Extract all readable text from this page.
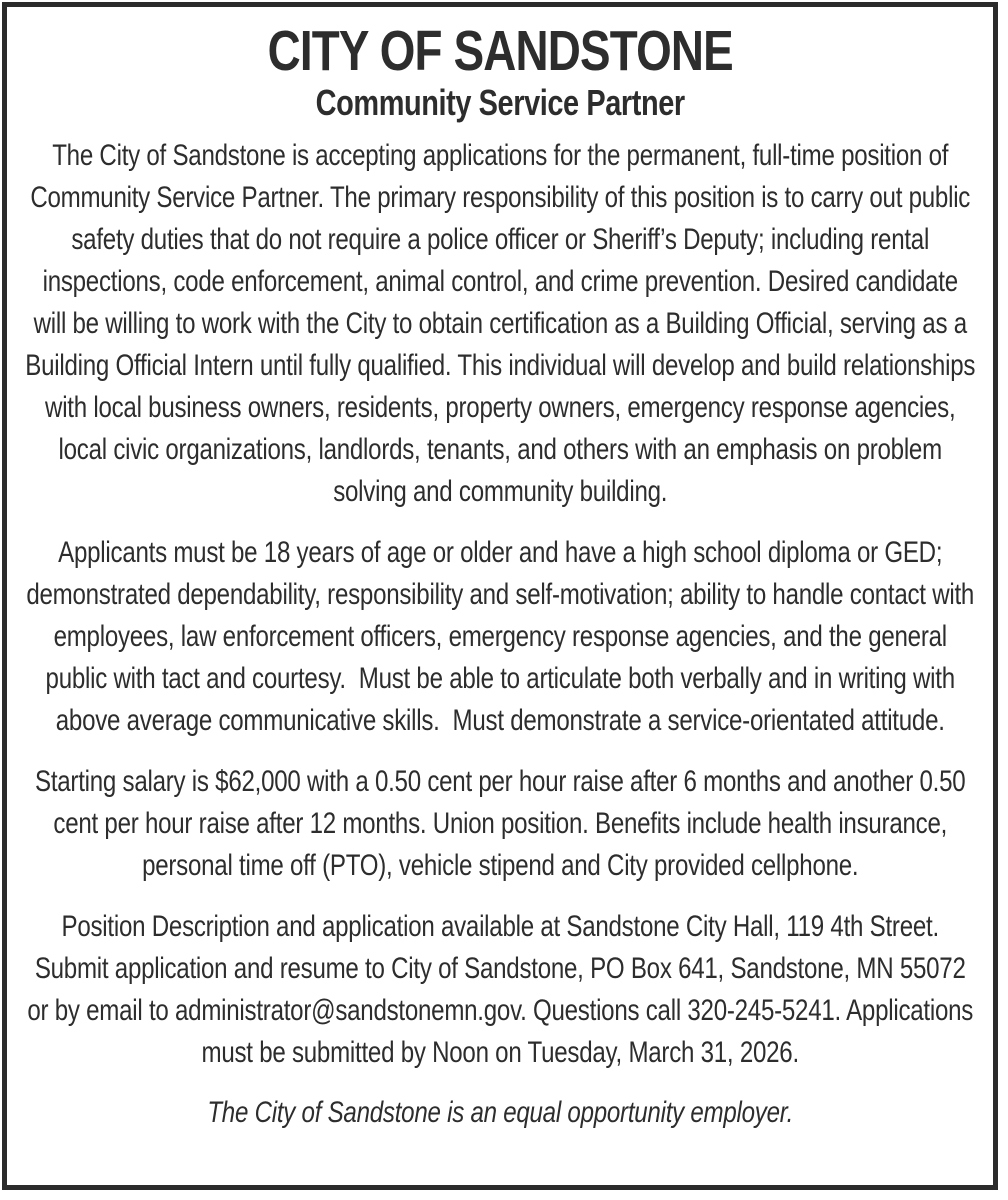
CITY OF SANDSTONE
Community Service Partner

The City of Sandstone is accepting applications for the permanent, full-time position of Community Service Partner. The primary responsibility of this position is to carry out public safety duties that do not require a police officer or Sheriff’s Deputy; including rental inspections, code enforcement, animal control, and crime prevention. Desired candidate will be willing to work with the City to obtain certification as a Building Official, serving as a Building Official Intern until fully qualified. This individual will develop and build relationships with local business owners, residents, property owners, emergency response agencies, local civic organizations, landlords, tenants, and others with an emphasis on problem solving and community building.

Applicants must be 18 years of age or older and have a high school diploma or GED; demonstrated dependability, responsibility and self-motivation; ability to handle contact with employees, law enforcement officers, emergency response agencies, and the general public with tact and courtesy.  Must be able to articulate both verbally and in writing with above average communicative skills.  Must demonstrate a service-orientated attitude.

Starting salary is $62,000 with a 0.50 cent per hour raise after 6 months and another 0.50 cent per hour raise after 12 months. Union position. Benefits include health insurance,  personal time off (PTO), vehicle stipend and City provided cellphone.

Position Description and application available at Sandstone City Hall, 119 4th Street. Submit application and resume to City of Sandstone, PO Box 641, Sandstone, MN 55072 or by email to administrator@sandstonemn.gov. Questions call 320-245-5241. Applications must be submitted by Noon on Tuesday, March 31, 2026.

The City of Sandstone is an equal opportunity employer.
